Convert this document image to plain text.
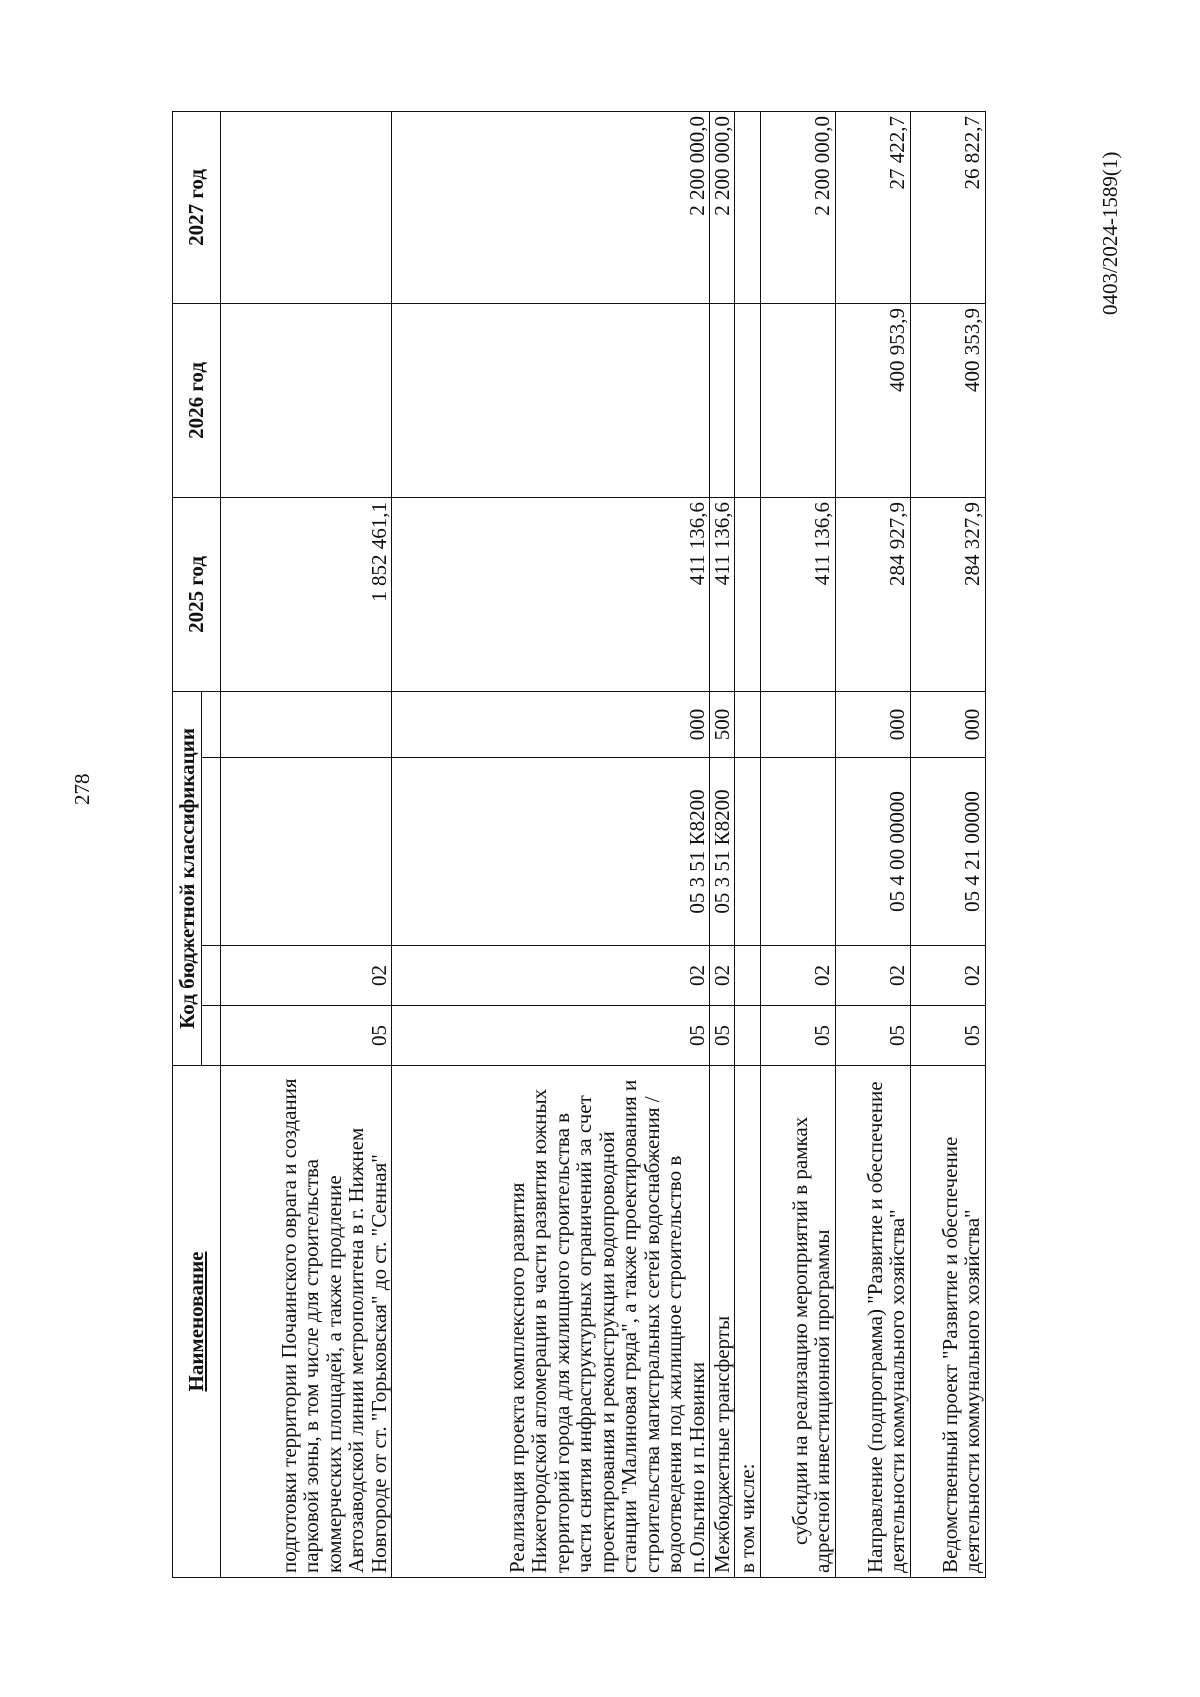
278
0403/2024-1589(1)
Наименование	Код бюджетной классификации				2025 год	2026 год	2027 год

подготовки территории Почаинского оврага и создания парковой зоны, в том числе для строительства коммерческих площадей, а также продление Автозаводской линии метрополитена в г. Нижнем Новгороде от ст. "Горьковская" до ст. "Сенная"	05	02			1 852 461,1		
Реализация проекта комплексного развития Нижегородской агломерации в части развития южных территорий города для жилищного строительства в части снятия инфраструктурных ограничений за счет проектирования и реконструкции водопроводной станции "Малиновая гряда", а также проектирования и строительства магистральных сетей водоснабжения / водоотведения под жилищное строительство в п.Ольгино и п.Новинки	05	02	05 3 51 К8200	000	411 136,6		2 200 000,0
Межбюджетные трансферты	05	02	05 3 51 К8200	500	411 136,6		2 200 000,0
в том числе:							

субсидии на реализацию мероприятий в рамках адресной инвестиционной программы	05	02			411 136,6		2 200 000,0
Направление (подпрограмма) "Развитие и обеспечение деятельности коммунального хозяйства"	05	02	05 4 00 00000	000	284 927,9	400 953,9	27 422,7
Ведомственный проект "Развитие и обеспечение деятельности коммунального хозяйства"	05	02	05 4 21 00000	000	284 327,9	400 353,9	26 822,7
